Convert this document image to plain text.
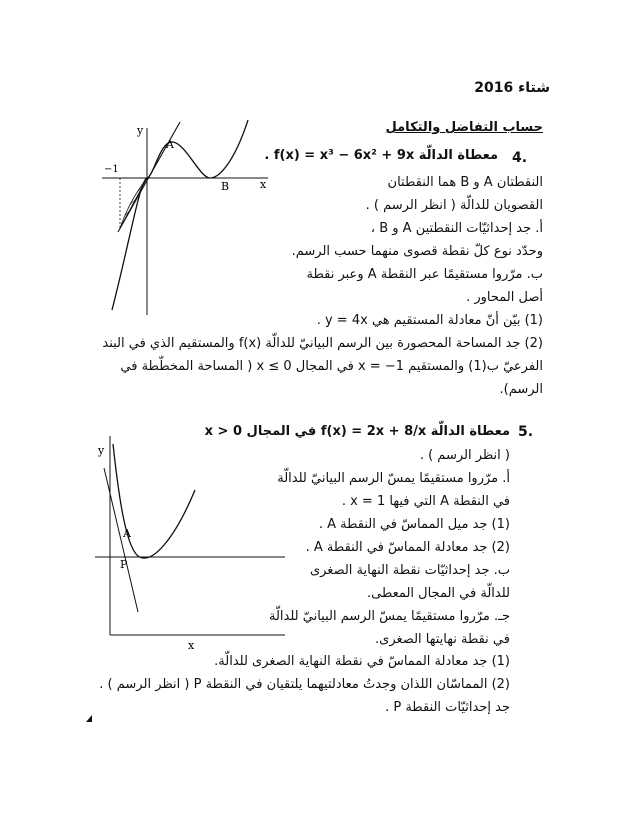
شتاء 2016
حساب التفاضل والتكامل
4.
معطاة الدالّة f(x) = x³ − 6x² + 9x .
النقطتان A و B هما النقطتان
القصويان للدالّة ( انظر الرسم ) .
أ. جد إحداثيّات النقطتين A و B ،
وحدّد نوع كلّ نقطة قصوى منهما حسب الرسم.
ب. مرّروا مستقيمًا عبر النقطة A وعبر نقطة
أصل المحاور .
(1) بيّن أنّ معادلة المستقيم هي y = 4x .
(2) جد المساحة المحصورة بين الرسم البيانيّ للدالّة f(x) والمستقيم الذي في البند
الفرعيّ ب(1) والمستقيم x = −1 في المجال x ≤ 0 ( المساحة المخطّطة في
الرسم).
y
x
A
B
−1
5.
معطاة الدالّة f(x) = 2x + 8/x في المجال x > 0
( انظر الرسم ) .
أ. مرّروا مستقيمًا يمسّ الرسم البيانيّ للدالّة
في النقطة A التي فيها x = 1 .
(1) جد ميل المماسّ في النقطة A .
(2) جد معادلة المماسّ في النقطة A .
ب. جد إحداثيّات نقطة النهاية الصغرى
للدالّة في المجال المعطى.
جـ. مرّروا مستقيمًا يمسّ الرسم البيانيّ للدالّة
في نقطة نهايتها الصغرى.
(1) جد معادلة المماسّ في نقطة النهاية الصغرى للدالّة.
(2) المماسّان اللذان وجدتُ معادلتيهما يلتقيان في النقطة P ( انظر الرسم ) .
جد إحداثيّات النقطة P .
y
x
A
P
